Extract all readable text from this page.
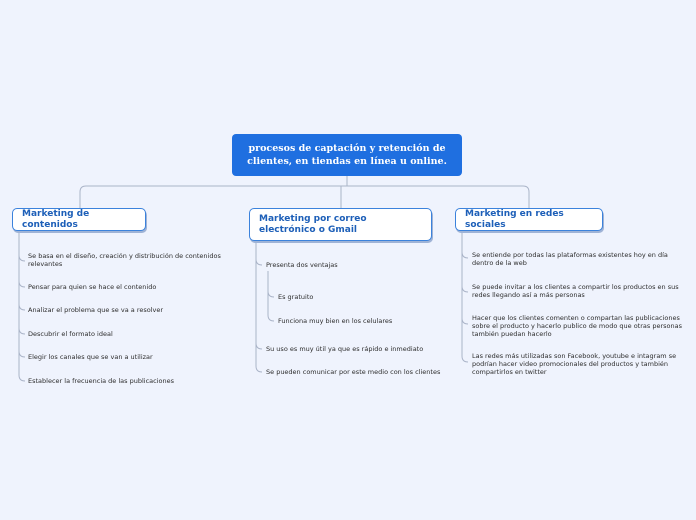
procesos de captación y retención de clientes, en tiendas en línea u online.
Marketing de contenidos
Marketing por correo electrónico o Gmail
Marketing en redes sociales
Se basa en el diseño, creación y distribución de contenidos relevantes
Pensar para quien se hace el contenido
Analizar el problema que se va a resolver
Descubrir el formato ideal
Elegir los canales que se van a utilizar
Establecer la frecuencia de las publicaciones
Presenta dos ventajas
Es gratuito
Funciona muy bien en los celulares
Su uso es muy útil ya que es rápido e inmediato
Se pueden comunicar por este medio con los clientes
Se entiende por todas las plataformas existentes hoy en día dentro de la web
Se puede invitar a los clientes a compartir los productos en sus redes llegando así a más personas
Hacer que los clientes comenten o compartan las publicaciones sobre el producto y hacerlo publico de modo que otras personas también puedan hacerlo
Las redes más utilizadas son Facebook, youtube e intagram se podrían hacer video promocionales del productos y también compartirlos en twitter
